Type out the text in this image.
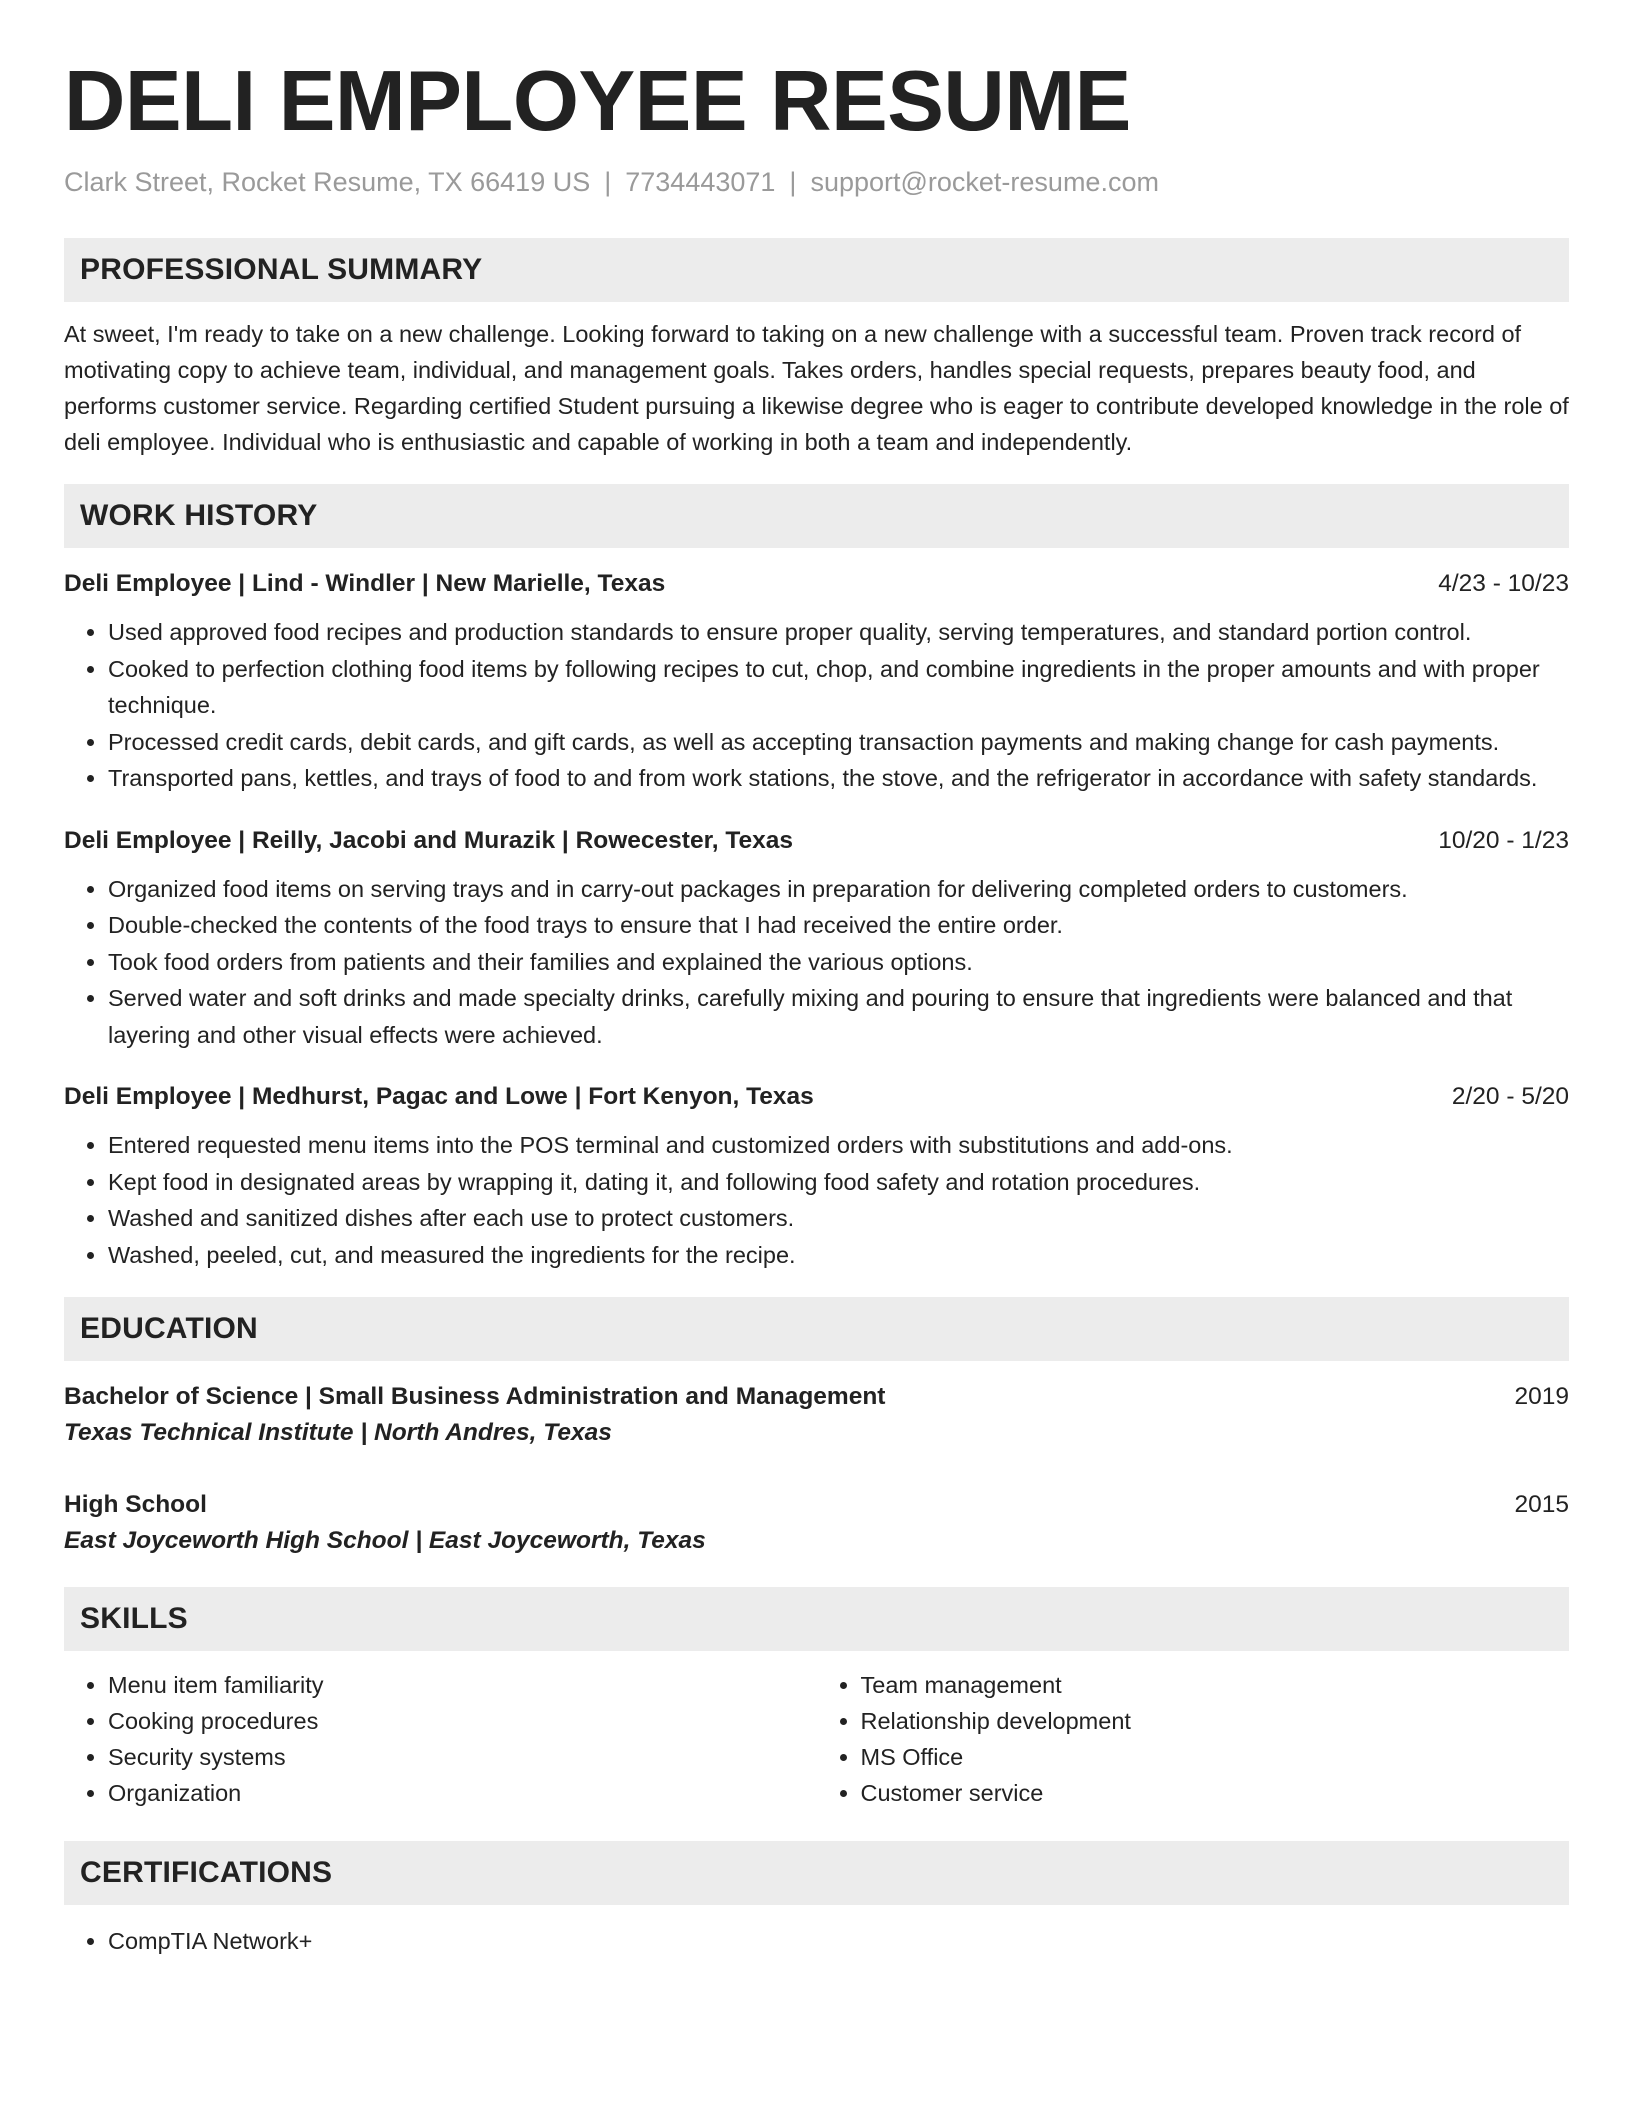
DELI EMPLOYEE RESUME
Clark Street, Rocket Resume, TX 66419 US | 7734443071 | support@rocket-resume.com
PROFESSIONAL SUMMARY

At sweet, I'm ready to take on a new challenge. Looking forward to taking on a new challenge with a successful team. Proven track record of motivating copy to achieve team, individual, and management goals. Takes orders, handles special requests, prepares beauty food, and performs customer service. Regarding certified Student pursuing a likewise degree who is eager to contribute developed knowledge in the role of deli employee. Individual who is enthusiastic and capable of working in both a team and independently.

WORK HISTORY
Deli Employee | Lind - Windler | New Marielle, Texas	4/23 - 10/23
• Used approved food recipes and production standards to ensure proper quality, serving temperatures, and standard portion control.
• Cooked to perfection clothing food items by following recipes to cut, chop, and combine ingredients in the proper amounts and with proper technique.
• Processed credit cards, debit cards, and gift cards, as well as accepting transaction payments and making change for cash payments.
• Transported pans, kettles, and trays of food to and from work stations, the stove, and the refrigerator in accordance with safety standards.
Deli Employee | Reilly, Jacobi and Murazik | Rowecester, Texas	10/20 - 1/23
• Organized food items on serving trays and in carry-out packages in preparation for delivering completed orders to customers.
• Double-checked the contents of the food trays to ensure that I had received the entire order.
• Took food orders from patients and their families and explained the various options.
• Served water and soft drinks and made specialty drinks, carefully mixing and pouring to ensure that ingredients were balanced and that layering and other visual effects were achieved.
Deli Employee | Medhurst, Pagac and Lowe | Fort Kenyon, Texas	2/20 - 5/20
• Entered requested menu items into the POS terminal and customized orders with substitutions and add-ons.
• Kept food in designated areas by wrapping it, dating it, and following food safety and rotation procedures.
• Washed and sanitized dishes after each use to protect customers.
• Washed, peeled, cut, and measured the ingredients for the recipe.
EDUCATION
Bachelor of Science | Small Business Administration and Management	2019
Texas Technical Institute | North Andres, Texas
High School	2015
East Joyceworth High School | East Joyceworth, Texas
SKILLS
• Menu item familiarity
• Cooking procedures
• Security systems
• Organization
• Team management
• Relationship development
• MS Office
• Customer service
CERTIFICATIONS
• CompTIA Network+
